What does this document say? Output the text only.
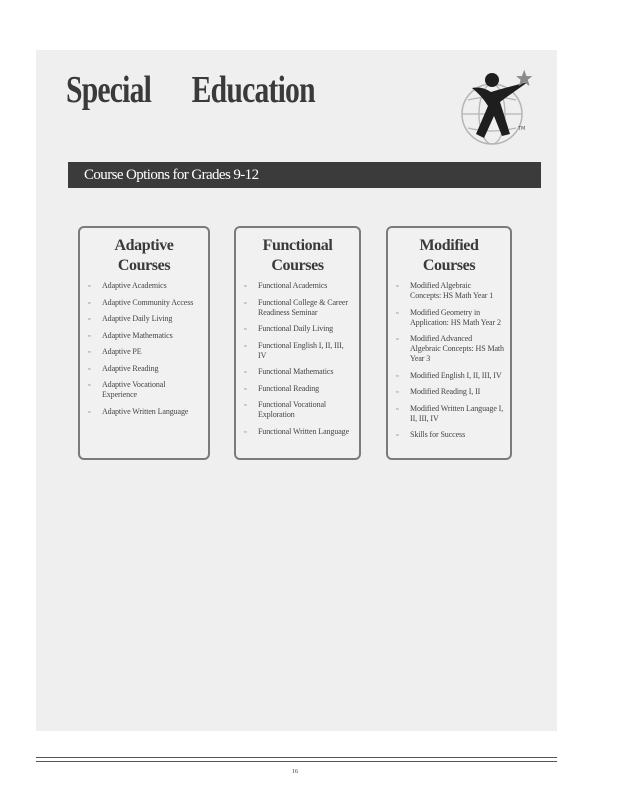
Special Education
TM
Course Options for Grades 9-12
Adaptive
Courses
▫ Adaptive Academics
▫ Adaptive Community Access
▫ Adaptive Daily Living
▫ Adaptive Mathematics
▫ Adaptive PE
▫ Adaptive Reading
▫ Adaptive Vocational Experience
▫ Adaptive Written Language
Functional
Courses
▫ Functional Academics
▫ Functional College & Career Readiness Seminar
▫ Functional Daily Living
▫ Functional English I, II, III, IV
▫ Functional Mathematics
▫ Functional Reading
▫ Functional Vocational Exploration
▫ Functional Written Language
Modified
Courses
▫ Modified Algebraic Concepts: HS Math Year 1
▫ Modified Geometry in Application: HS Math Year 2
▫ Modified Advanced Algebraic Concepts: HS Math Year 3
▫ Modified English I, II, III, IV
▫ Modified Reading I, II
▫ Modified Written Language I, II, III, IV
▫ Skills for Success
16
